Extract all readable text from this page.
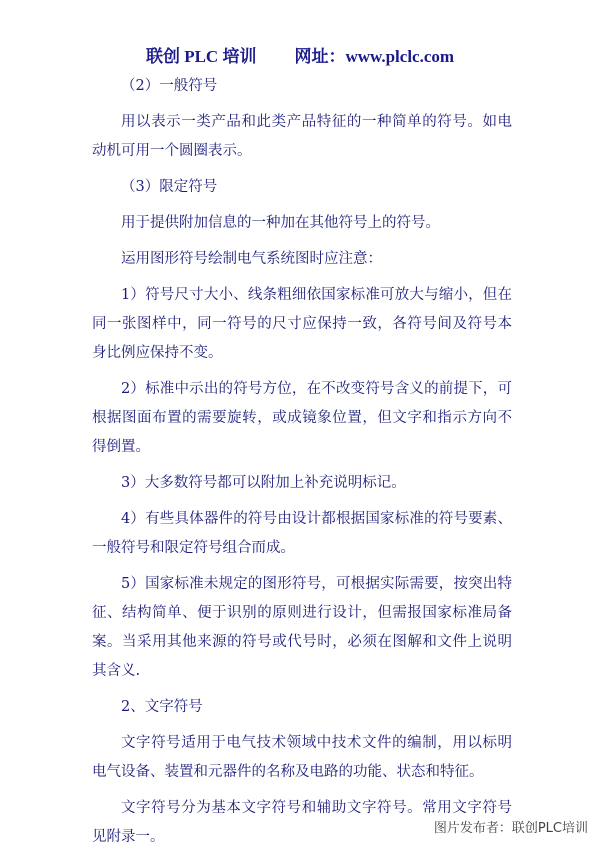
联创 PLC 培训 网址：www.plclc.com

（2）一般符号

用以表示一类产品和此类产品特征的一种简单的符号。如电动机可用一个圆圈表示。

（3）限定符号

用于提供附加信息的一种加在其他符号上的符号。

运用图形符号绘制电气系统图时应注意：

1）符号尺寸大小、线条粗细依国家标准可放大与缩小，但在同一张图样中，同一符号的尺寸应保持一致，各符号间及符号本身比例应保持不变。

2）标准中示出的符号方位，在不改变符号含义的前提下，可根据图面布置的需要旋转，或成镜象位置，但文字和指示方向不得倒置。

3）大多数符号都可以附加上补充说明标记。

4）有些具体器件的符号由设计都根据国家标准的符号要素、一般符号和限定符号组合而成。

5）国家标准未规定的图形符号，可根据实际需要，按突出特征、结构简单、便于识别的原则进行设计，但需报国家标准局备案。当采用其他来源的符号或代号时，必须在图解和文件上说明其含义.

2、文字符号

文字符号适用于电气技术领域中技术文件的编制，用以标明电气设备、装置和元器件的名称及电路的功能、状态和特征。

文字符号分为基本文字符号和辅助文字符号。常用文字符号见附录一。

图片发布者：联创PLC培训
